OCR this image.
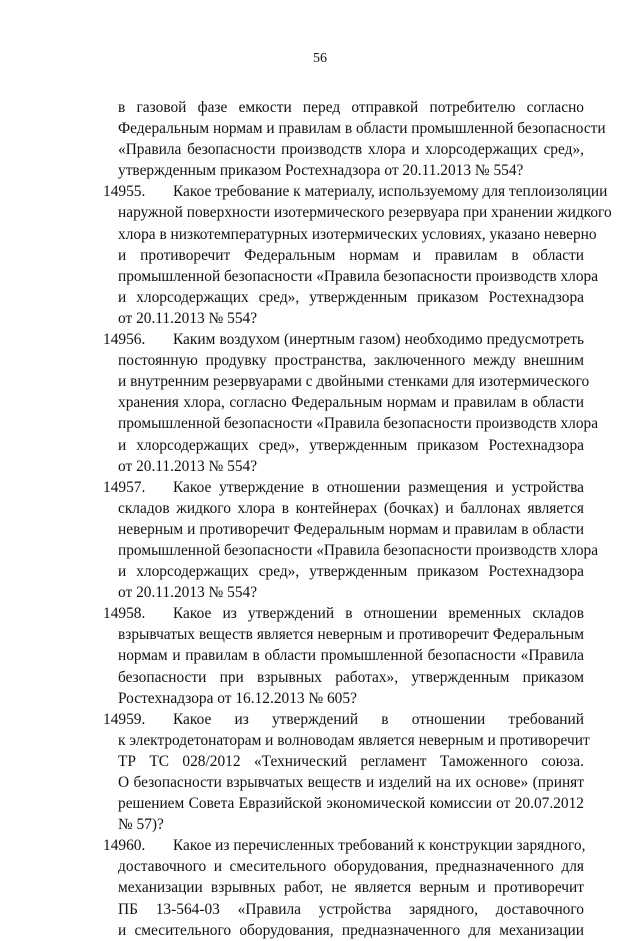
56
в газовой фазе емкости перед отправкой потребителю согласно
Федеральным нормам и правилам в области промышленной безопасности
«Правила безопасности производств хлора и хлорсодержащих сред»,
утвержденным приказом Ростехнадзора от 20.11.2013 № 554?
14955.	Какое требование к материалу, используемому для теплоизоляции
наружной поверхности изотермического резервуара при хранении жидкого
хлора в низкотемпературных изотермических условиях, указано неверно
и противоречит Федеральным нормам и правилам в области
промышленной безопасности «Правила безопасности производств хлора
и хлорсодержащих сред», утвержденным приказом Ростехнадзора
от 20.11.2013 № 554?
14956.	Каким воздухом (инертным газом) необходимо предусмотреть
постоянную продувку пространства, заключенного между внешним
и внутренним резервуарами с двойными стенками для изотермического
хранения хлора, согласно Федеральным нормам и правилам в области
промышленной безопасности «Правила безопасности производств хлора
и хлорсодержащих сред», утвержденным приказом Ростехнадзора
от 20.11.2013 № 554?
14957.	Какое утверждение в отношении размещения и устройства
складов жидкого хлора в контейнерах (бочках) и баллонах является
неверным и противоречит Федеральным нормам и правилам в области
промышленной безопасности «Правила безопасности производств хлора
и хлорсодержащих сред», утвержденным приказом Ростехнадзора
от 20.11.2013 № 554?
14958.	Какое из утверждений в отношении временных складов
взрывчатых веществ является неверным и противоречит Федеральным
нормам и правилам в области промышленной безопасности «Правила
безопасности при взрывных работах», утвержденным приказом
Ростехнадзора от 16.12.2013 № 605?
14959.	Какое из утверждений в отношении требований
к электродетонаторам и волноводам является неверным и противоречит
ТР ТС 028/2012 «Технический регламент Таможенного союза.
О безопасности взрывчатых веществ и изделий на их основе» (принят
решением Совета Евразийской экономической комиссии от 20.07.2012
№ 57)?
14960.	Какое из перечисленных требований к конструкции зарядного,
доставочного и смесительного оборудования, предназначенного для
механизации взрывных работ, не является верным и противоречит
ПБ 13-564-03 «Правила устройства зарядного, доставочного
и смесительного оборудования, предназначенного для механизации
